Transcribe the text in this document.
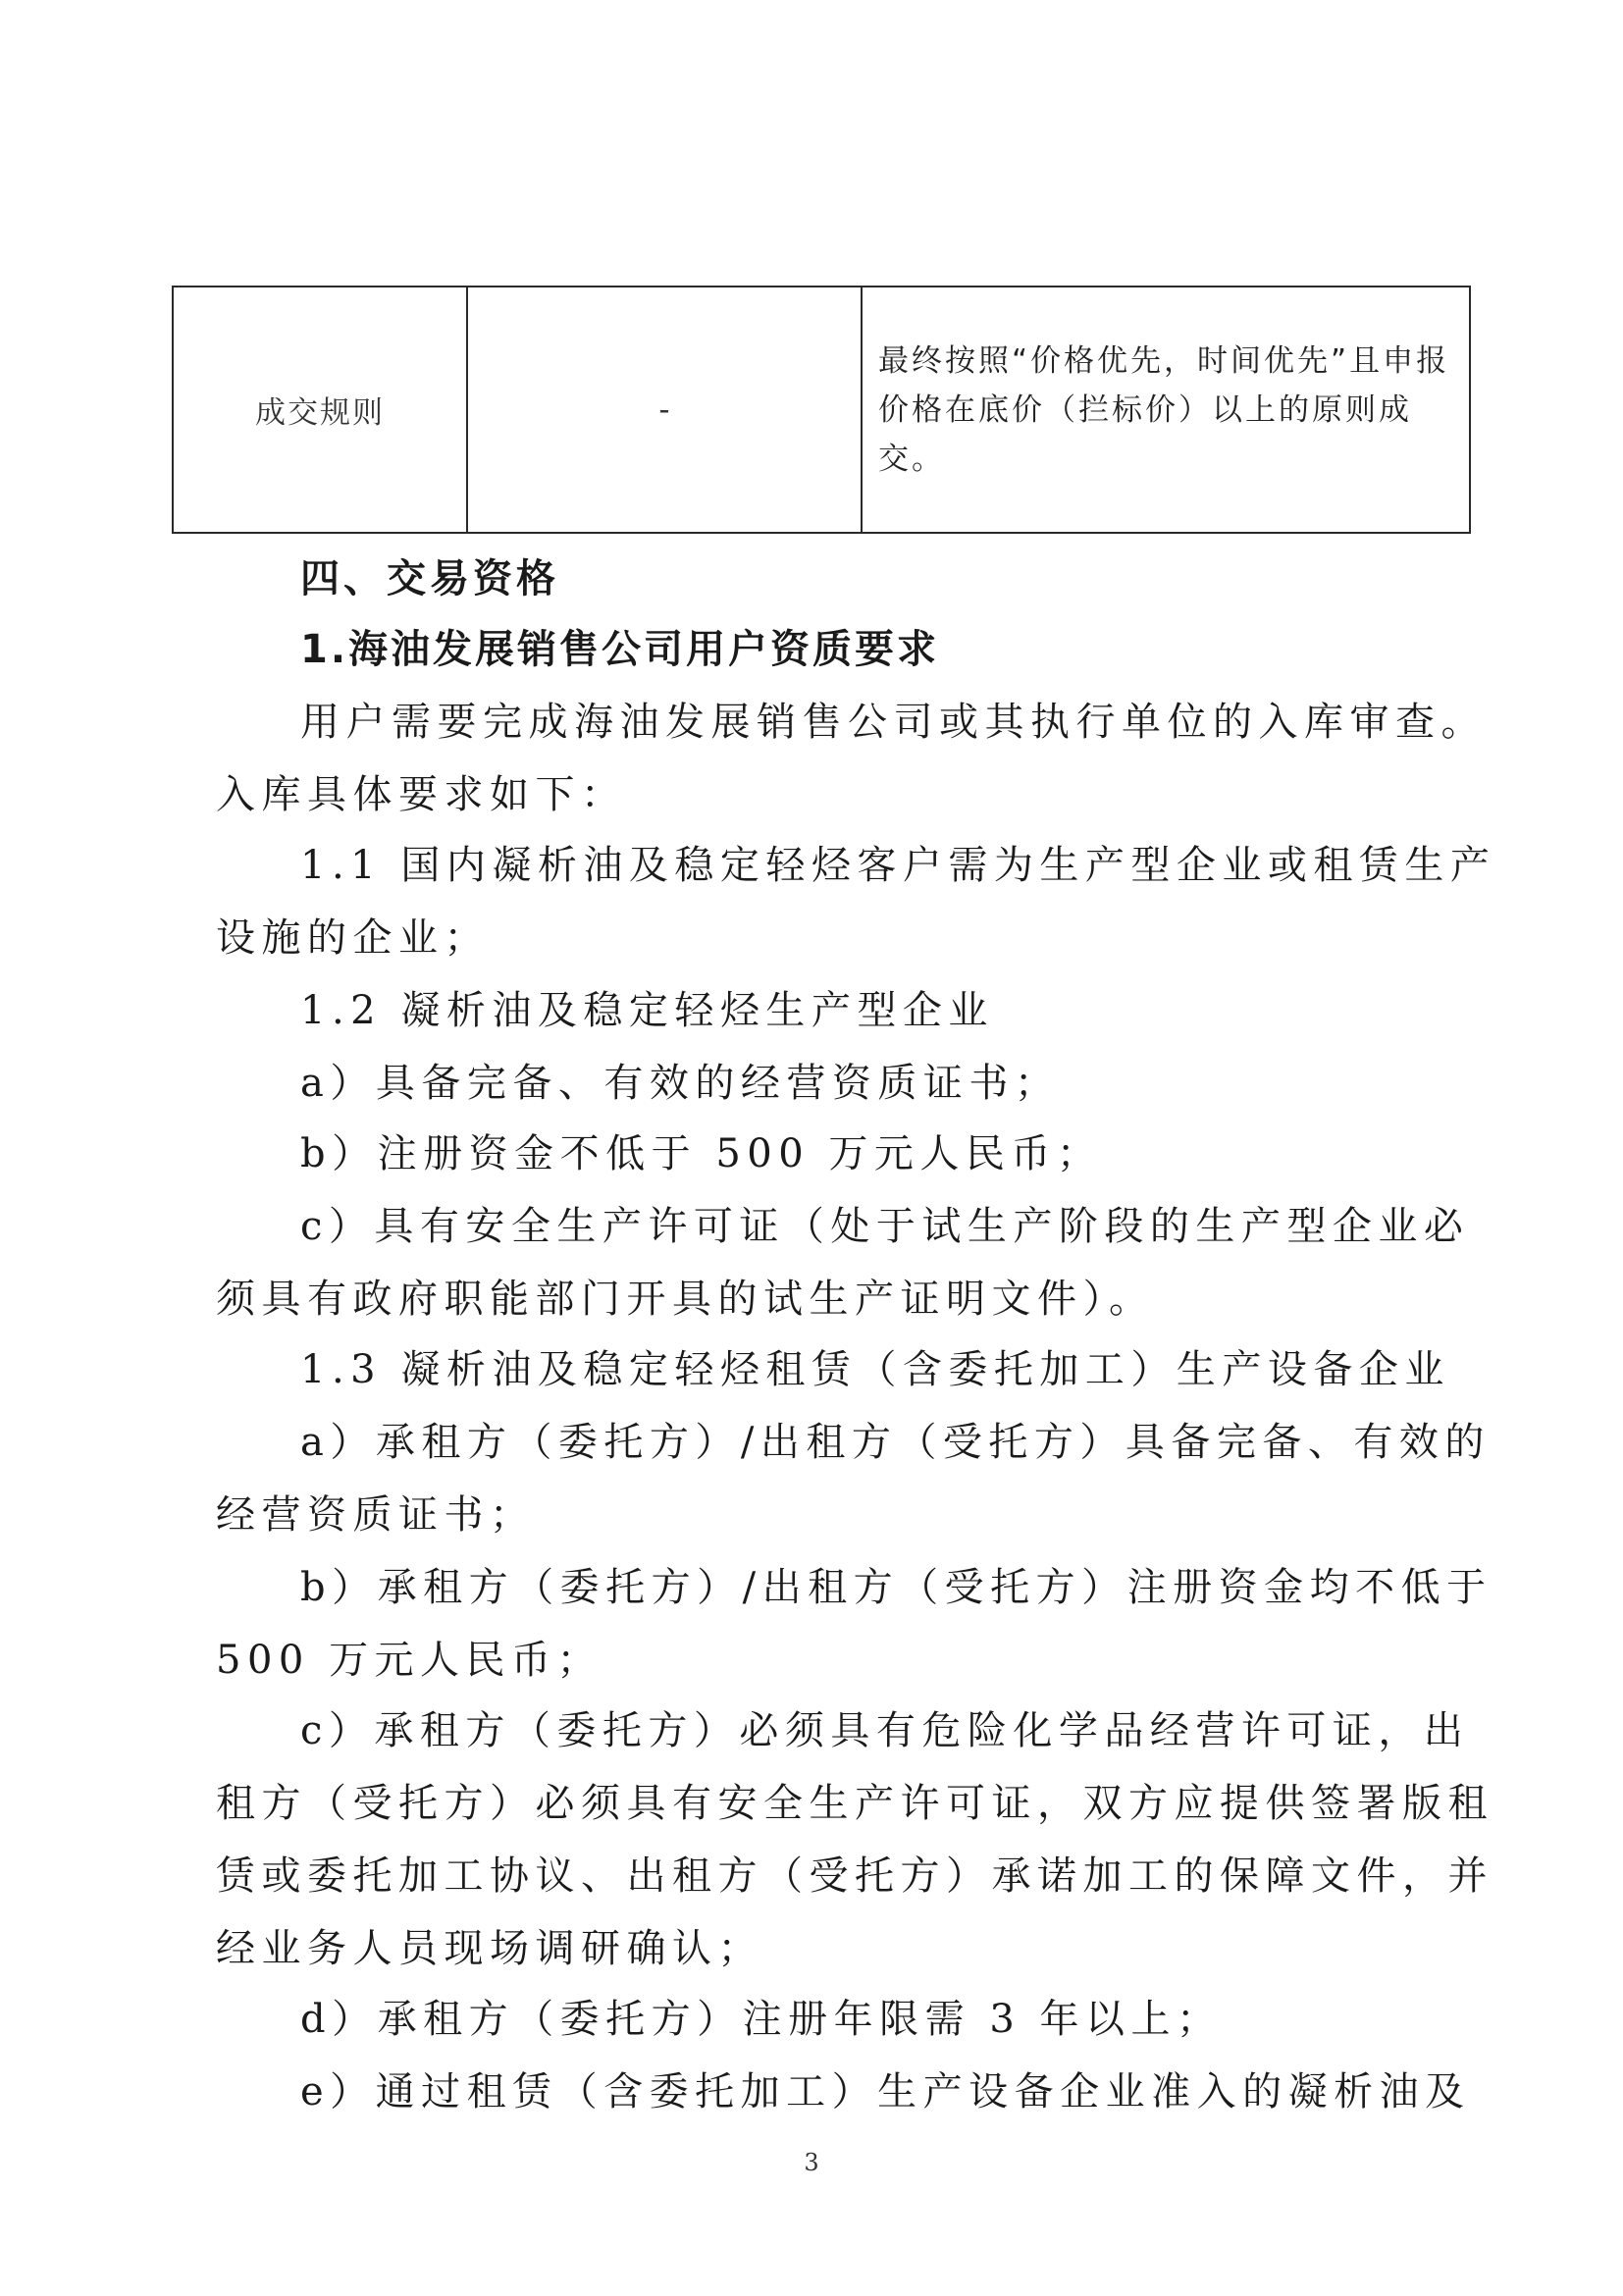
成交规则	-	最终按照“价格优先，时间优先”且申报价格在底价（拦标价）以上的原则成交。
四、交易资格
1.海油发展销售公司用户资质要求
用户需要完成海油发展销售公司或其执行单位的入库审查。
入库具体要求如下：
1.1 国内凝析油及稳定轻烃客户需为生产型企业或租赁生产
设施的企业；
1.2 凝析油及稳定轻烃生产型企业
a）具备完备、有效的经营资质证书；
b）注册资金不低于 500 万元人民币；
c）具有安全生产许可证（处于试生产阶段的生产型企业必
须具有政府职能部门开具的试生产证明文件）。
1.3 凝析油及稳定轻烃租赁（含委托加工）生产设备企业
a）承租方（委托方）/出租方（受托方）具备完备、有效的
经营资质证书；
b）承租方（委托方）/出租方（受托方）注册资金均不低于
500 万元人民币；
c）承租方（委托方）必须具有危险化学品经营许可证，出
租方（受托方）必须具有安全生产许可证，双方应提供签署版租
赁或委托加工协议、出租方（受托方）承诺加工的保障文件，并
经业务人员现场调研确认；
d）承租方（委托方）注册年限需 3 年以上；
e）通过租赁（含委托加工）生产设备企业准入的凝析油及
3
